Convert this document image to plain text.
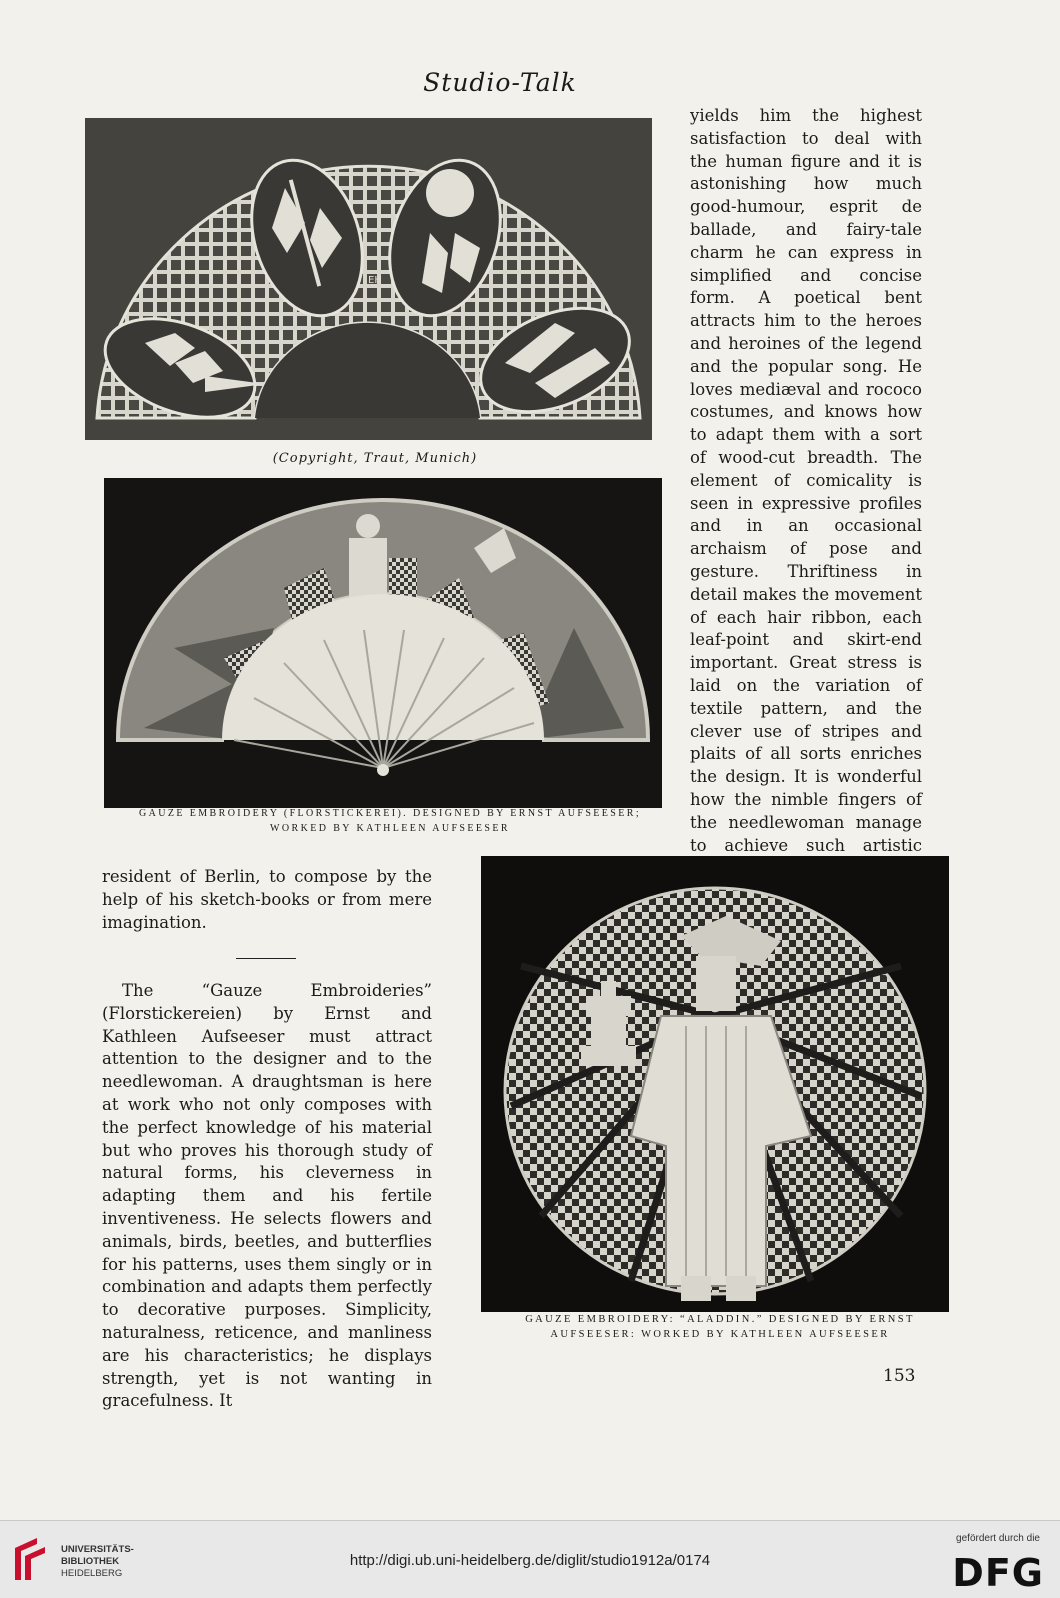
Studio-Talk
EH
(Copyright, Traut, Munich)
GAUZE EMBROIDERY (FLORSTICKEREI). DESIGNED BY ERNST AUFSEESER;
WORKED BY KATHLEEN AUFSEESER

yields him the highest satisfaction to deal with the human figure and it is astonishing how much good-humour, esprit de ballade, and fairy-tale charm he can express in simplified and concise form. A poetical bent attracts him to the heroes and heroines of the legend and the popular song. He loves mediæval and rococo costumes, and knows how to adapt them with a sort of wood-cut breadth. The element of comicality is seen in expressive profiles and in an occasional archaism of pose and gesture. Thriftiness in detail makes the movement of each hair ribbon, each leaf-point and skirt-end important. Great stress is laid on the variation of textile pattern, and the clever use of stripes and plaits of all sorts enriches the design. It is wonderful how the nimble fingers of the needlewoman manage to achieve such artistic

resident of Berlin, to compose by the help of his sketch-books or from mere imagination.

The “Gauze Embroideries” (Florstickereien) by Ernst and Kathleen Aufseeser must attract attention to the designer and to the needlewoman. A draughtsman is here at work who not only composes with the perfect knowledge of his material but who proves his thorough study of natural forms, his cleverness in adapting them and his fertile inventiveness. He selects flowers and animals, birds, beetles, and butterflies for his patterns, uses them singly or in combination and adapts them perfectly to decorative purposes. Simplicity, naturalness, reticence, and manliness are his characteristics; he displays strength, yet is not wanting in gracefulness. It

GAUZE EMBROIDERY: “ALADDIN.” DESIGNED BY ERNST
AUFSEESER: WORKED BY KATHLEEN AUFSEESER
153
UNIVERSITÄTS-
BIBLIOTHEK
HEIDELBERG
http://digi.ub.uni-heidelberg.de/diglit/studio1912a/0174
gefördert durch die
DFG
